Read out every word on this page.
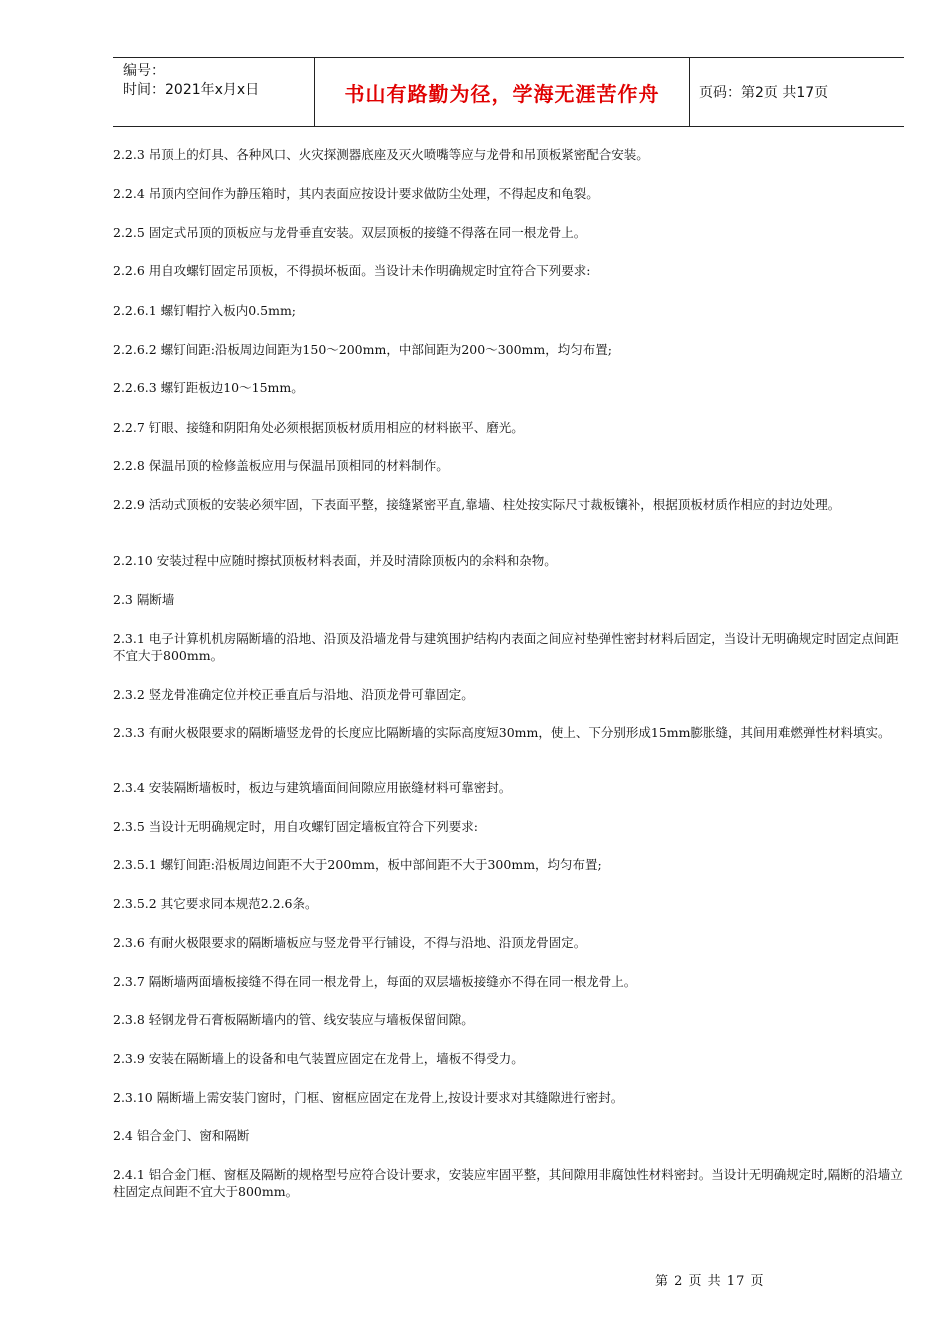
编号：
时间：2021年x月x日	书山有路勤为径，学海无涯苦作舟	页码：第2页 共17页

2.2.3 吊顶上的灯具、各种风口、火灾探测器底座及灭火喷嘴等应与龙骨和吊顶板紧密配合安装。

2.2.4 吊顶内空间作为静压箱时，其内表面应按设计要求做防尘处理，不得起皮和龟裂。

2.2.5 固定式吊顶的顶板应与龙骨垂直安装。双层顶板的接缝不得落在同一根龙骨上。

2.2.6 用自攻螺钉固定吊顶板，不得损坏板面。当设计未作明确规定时宜符合下列要求:

2.2.6.1 螺钉帽拧入板内0.5mm;

2.2.6.2 螺钉间距:沿板周边间距为150～200mm，中部间距为200～300mm，均匀布置;

2.2.6.3 螺钉距板边10～15mm。

2.2.7 钉眼、接缝和阴阳角处必须根据顶板材质用相应的材料嵌平、磨光。

2.2.8 保温吊顶的检修盖板应用与保温吊顶相同的材料制作。

2.2.9 活动式顶板的安装必须牢固，下表面平整，接缝紧密平直,靠墙、柱处按实际尺寸裁板镶补，根据顶板材质作相应的封边处理。

2.2.10 安装过程中应随时擦拭顶板材料表面，并及时清除顶板内的余料和杂物。

2.3 隔断墙

2.3.1 电子计算机机房隔断墙的沿地、沿顶及沿墙龙骨与建筑围护结构内表面之间应衬垫弹性密封材料后固定，当设计无明确规定时固定点间距不宜大于800mm。

2.3.2 竖龙骨准确定位并校正垂直后与沿地、沿顶龙骨可靠固定。

2.3.3 有耐火极限要求的隔断墙竖龙骨的长度应比隔断墙的实际高度短30mm，使上、下分别形成15mm膨胀缝，其间用难燃弹性材料填实。

2.3.4 安装隔断墙板时，板边与建筑墙面间间隙应用嵌缝材料可靠密封。

2.3.5 当设计无明确规定时，用自攻螺钉固定墙板宜符合下列要求:

2.3.5.1 螺钉间距:沿板周边间距不大于200mm，板中部间距不大于300mm，均匀布置;

2.3.5.2 其它要求同本规范2.2.6条。

2.3.6 有耐火极限要求的隔断墙板应与竖龙骨平行铺设，不得与沿地、沿顶龙骨固定。

2.3.7 隔断墙两面墙板接缝不得在同一根龙骨上，每面的双层墙板接缝亦不得在同一根龙骨上。

2.3.8 轻钢龙骨石膏板隔断墙内的管、线安装应与墙板保留间隙。

2.3.9 安装在隔断墙上的设备和电气装置应固定在龙骨上，墙板不得受力。

2.3.10 隔断墙上需安装门窗时，门框、窗框应固定在龙骨上,按设计要求对其缝隙进行密封。

2.4 铝合金门、窗和隔断

2.4.1 铝合金门框、窗框及隔断的规格型号应符合设计要求，安装应牢固平整，其间隙用非腐蚀性材料密封。当设计无明确规定时,隔断的沿墙立柱固定点间距不宜大于800mm。

第 2 页 共 17 页
